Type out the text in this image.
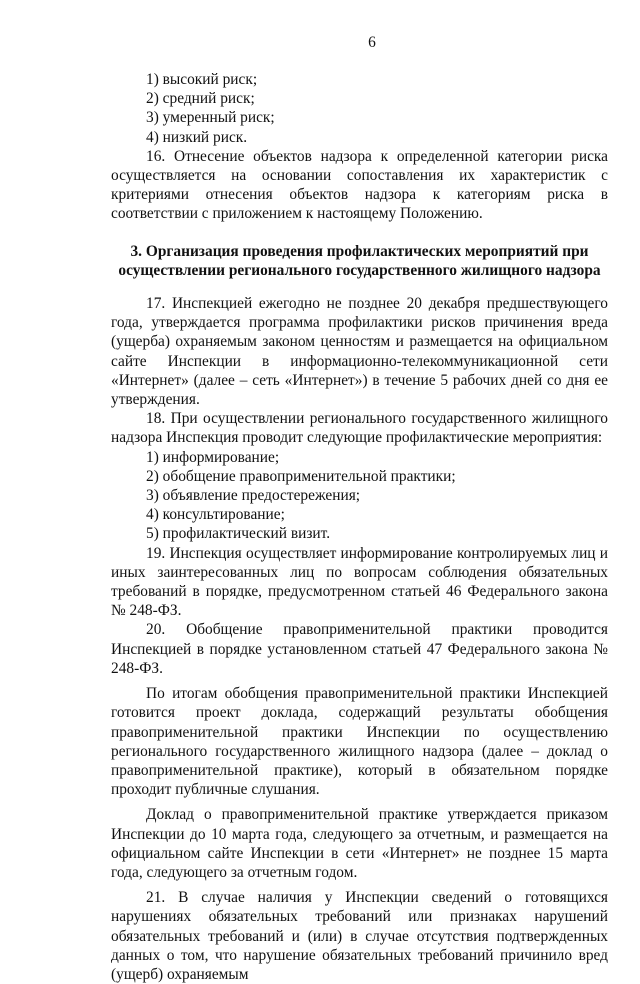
6

1) высокий риск;

2) средний риск;

3) умеренный риск;

4) низкий риск.

16. Отнесение объектов надзора к определенной категории риска осуществляется на основании сопоставления их характеристик с критериями отнесения объектов надзора к категориям риска в соответствии с приложением к настоящему Положению.

3. Организация проведения профилактических мероприятий при осуществлении регионального государственного жилищного надзора

17. Инспекцией ежегодно не позднее 20 декабря предшествующего года, утверждается программа профилактики рисков причинения вреда (ущерба) охраняемым законом ценностям и размещается на официальном сайте Инспекции в информационно-телекоммуникационной сети «Интернет» (далее – сеть «Интернет») в течение 5 рабочих дней со дня ее утверждения.

18. При осуществлении регионального государственного жилищного надзора Инспекция проводит следующие профилактические мероприятия:

1) информирование;

2) обобщение правоприменительной практики;

3) объявление предостережения;

4) консультирование;

5) профилактический визит.

19. Инспекция осуществляет информирование контролируемых лиц и иных заинтересованных лиц по вопросам соблюдения обязательных требований в порядке, предусмотренном статьей 46 Федерального закона № 248-ФЗ.

20. Обобщение правоприменительной практики проводится Инспекцией в порядке установленном статьей 47 Федерального закона № 248-ФЗ.

По итогам обобщения правоприменительной практики Инспекцией готовится проект доклада, содержащий результаты обобщения правоприменительной практики Инспекции по осуществлению регионального государственного жилищного надзора (далее – доклад о правоприменительной практике), который в обязательном порядке проходит публичные слушания.

Доклад о правоприменительной практике утверждается приказом Инспекции до 10 марта года, следующего за отчетным, и размещается на официальном сайте Инспекции в сети «Интернет» не позднее 15 марта года, следующего за отчетным годом.

21. В случае наличия у Инспекции сведений о готовящихся нарушениях обязательных требований или признаках нарушений обязательных требований и (или) в случае отсутствия подтвержденных данных о том, что нарушение обязательных требований причинило вред (ущерб) охраняемым
